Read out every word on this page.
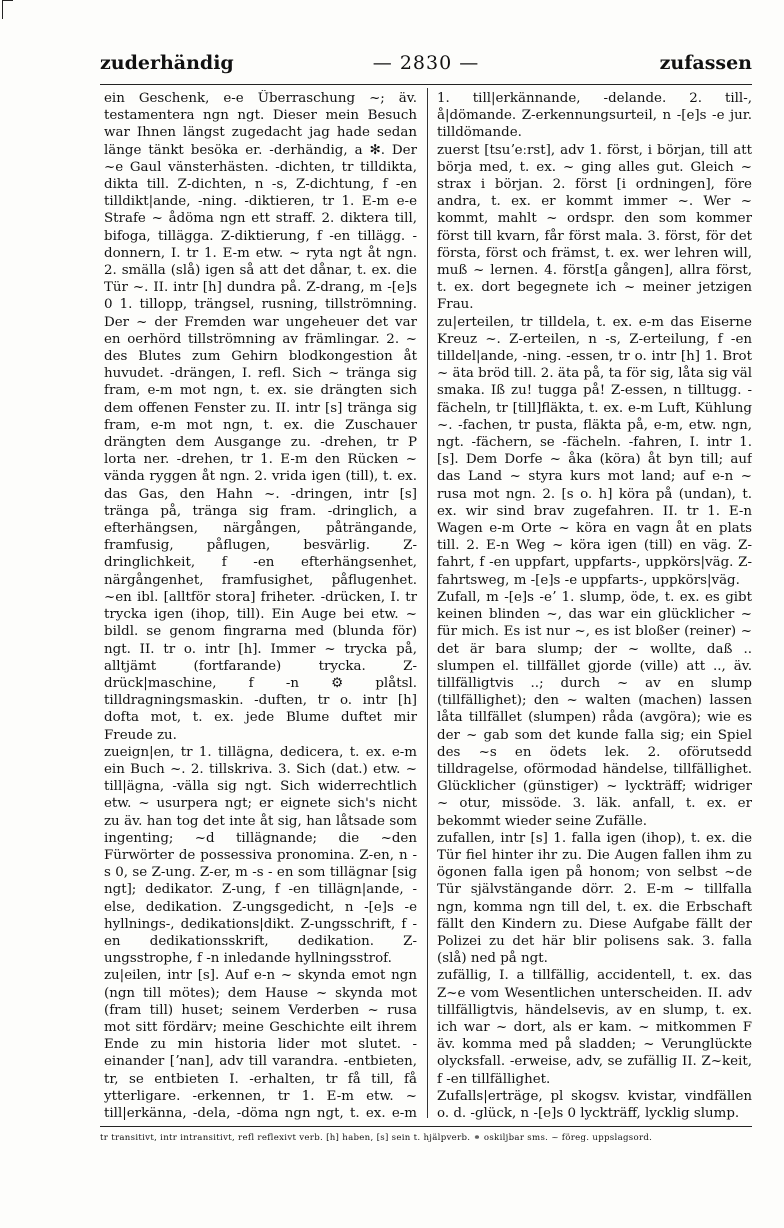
zuderhändig	— 2830 —	zufassen
ein Geschenk, e-e Überraschung ~; äv. testamentera ngn ngt. Dieser mein Besuch war Ihnen längst zugedacht jag hade sedan länge tänkt besöka er. -derhändig, a ✻. Der ~e Gaul vänsterhästen. -dichten, tr tilldikta, dikta till. Z-dichten, n -s, Z-dichtung, f -en tilldikt|ande, -ning. -diktieren, tr 1. E-m e-e Strafe ~ ådöma ngn ett straff. 2. diktera till, bifoga, tillägga. Z-diktierung, f -en tillägg. -donnern, I. tr 1. E-m etw. ~ ryta ngt åt ngn. 2. smälla (slå) igen så att det dånar, t. ex. die Tür ~. II. intr [h] dundra på. Z-drang, m -[e]s 0 1. tillopp, trängsel, rusning, tillströmning. Der ~ der Fremden war ungeheuer det var en oerhörd tillströmning av främlingar. 2. ~ des Blutes zum Gehirn blodkongestion åt huvudet. -drängen, I. refl. Sich ~ tränga sig fram, e-m mot ngn, t. ex. sie drängten sich dem offenen Fenster zu. II. intr [s] tränga sig fram, e-m mot ngn, t. ex. die Zuschauer drängten dem Ausgange zu. -drehen, tr P lorta ner. -drehen, tr 1. E-m den Rücken ~ vända ryggen åt ngn. 2. vrida igen (till), t. ex. das Gas, den Hahn ~. -dringen, intr [s] tränga på, tränga sig fram. -dringlich, a efterhängsen, närgången, påträngande, framfusig, påflugen, besvärlig. Z-dringlichkeit, f -en efterhängsenhet, närgångenhet, framfusighet, påflugenhet. ~en ibl. [alltför stora] friheter. -drücken, I. tr trycka igen (ihop, till). Ein Auge bei etw. ~ bildl. se genom fingrarna med (blunda för) ngt. II. tr o. intr [h]. Immer ~ trycka på, alltjämt (fortfarande) trycka. Z-drück|maschine, f -n ⚙ plåtsl. tilldragningsmaskin. -duften, tr o. intr [h] dofta mot, t. ex. jede Blume duftet mir Freude zu.
zueign|en, tr 1. tillägna, dedicera, t. ex. e-m ein Buch ~. 2. tillskriva. 3. Sich (dat.) etw. ~ till|ägna, -välla sig ngt. Sich widerrechtlich etw. ~ usurpera ngt; er eignete sich's nicht zu äv. han tog det inte åt sig, han låtsade som ingenting; ~d tillägnande; die ~den Fürwörter de possessiva pronomina. Z-en, n -s 0, se Z-ung. Z-er, m -s - en som tillägnar [sig ngt]; dedikator. Z-ung, f -en tillägn|ande, -else, dedikation. Z-ungsgedicht, n -[e]s -e hyllnings-, dedikations|dikt. Z-ungsschrift, f -en dedikationsskrift, dedikation. Z-ungsstrophe, f -n inledande hyllningsstrof.
zu|eilen, intr [s]. Auf e-n ~ skynda emot ngn (ngn till mötes); dem Hause ~ skynda mot (fram till) huset; seinem Verderben ~ rusa mot sitt fördärv; meine Geschichte eilt ihrem Ende zu min historia lider mot slutet. -einander [ʼnan], adv till varandra. -entbieten, tr, se entbieten I. -erhalten, tr få till, få ytterligare. -erkennen, tr 1. E-m etw. ~ till|erkänna, -dela, -döma ngn ngt, t. ex. e-m
1. till|erkännande, -delande. 2. till-, å|dömande. Z-erkennungsurteil, n -[e]s -e jur. tilldömande.
zuerst [tsuʼeːrst], adv 1. först, i början, till att börja med, t. ex. ~ ging alles gut. Gleich ~ strax i början. 2. först [i ordningen], före andra, t. ex. er kommt immer ~. Wer ~ kommt, mahlt ~ ordspr. den som kommer först till kvarn, får först mala. 3. först, för det första, först och främst, t. ex. wer lehren will, muß ~ lernen. 4. först[a gången], allra först, t. ex. dort begegnete ich ~ meiner jetzigen Frau.
zu|erteilen, tr tilldela, t. ex. e-m das Eiserne Kreuz ~. Z-erteilen, n -s, Z-erteilung, f -en tilldel|ande, -ning. -essen, tr o. intr [h] 1. Brot ~ äta bröd till. 2. äta på, ta för sig, låta sig väl smaka. Iß zu! tugga på! Z-essen, n tilltugg. -fächeln, tr [till]fläkta, t. ex. e-m Luft, Kühlung ~. -fachen, tr pusta, fläkta på, e-m, etw. ngn, ngt. -fächern, se -fächeln. -fahren, I. intr 1. [s]. Dem Dorfe ~ åka (köra) åt byn till; auf das Land ~ styra kurs mot land; auf e-n ~ rusa mot ngn. 2. [s o. h] köra på (undan), t. ex. wir sind brav zugefahren. II. tr 1. E-n Wagen e-m Orte ~ köra en vagn åt en plats till. 2. E-n Weg ~ köra igen (till) en väg. Z-fahrt, f -en uppfart, uppfarts-, uppkörs|väg. Z-fahrtsweg, m -[e]s -e uppfarts-, uppkörs|väg.
Zufall, m -[e]s -eʼ 1. slump, öde, t. ex. es gibt keinen blinden ~, das war ein glücklicher ~ für mich. Es ist nur ~, es ist bloßer (reiner) ~ det är bara slump; der ~ wollte, daß .. slumpen el. tillfället gjorde (ville) att .., äv. tillfälligtvis ..; durch ~ av en slump (tillfällighet); den ~ walten (machen) lassen låta tillfället (slumpen) råda (avgöra); wie es der ~ gab som det kunde falla sig; ein Spiel des ~s en ödets lek. 2. oförutsedd tilldragelse, oförmodad händelse, tillfällighet. Glücklicher (günstiger) ~ lyckträff; widriger ~ otur, missöde. 3. läk. anfall, t. ex. er bekommt wieder seine Zufälle.
zufallen, intr [s] 1. falla igen (ihop), t. ex. die Tür fiel hinter ihr zu. Die Augen fallen ihm zu ögonen falla igen på honom; von selbst ~de Tür självstängande dörr. 2. E-m ~ tillfalla ngn, komma ngn till del, t. ex. die Erbschaft fällt den Kindern zu. Diese Aufgabe fällt der Polizei zu det här blir polisens sak. 3. falla (slå) ned på ngt.
zufällig, I. a tillfällig, accidentell, t. ex. das Z~e vom Wesentlichen unterscheiden. II. adv tillfälligtvis, händelsevis, av en slump, t. ex. ich war ~ dort, als er kam. ~ mitkommen F äv. komma med på sladden; ~ Verunglückte olycksfall. -erweise, adv, se zufällig II. Z~keit, f -en tillfällighet.
Zufalls|erträge, pl skogsv. kvistar, vindfällen o. d. -glück, n -[e]s 0 lyckträff, lycklig slump.
tr transitivt, intr intransitivt, refl reflexivt verb. [h] haben, [s] sein t. hjälpverb. ⚭ oskiljbar sms. ~ föreg. uppslagsord.
